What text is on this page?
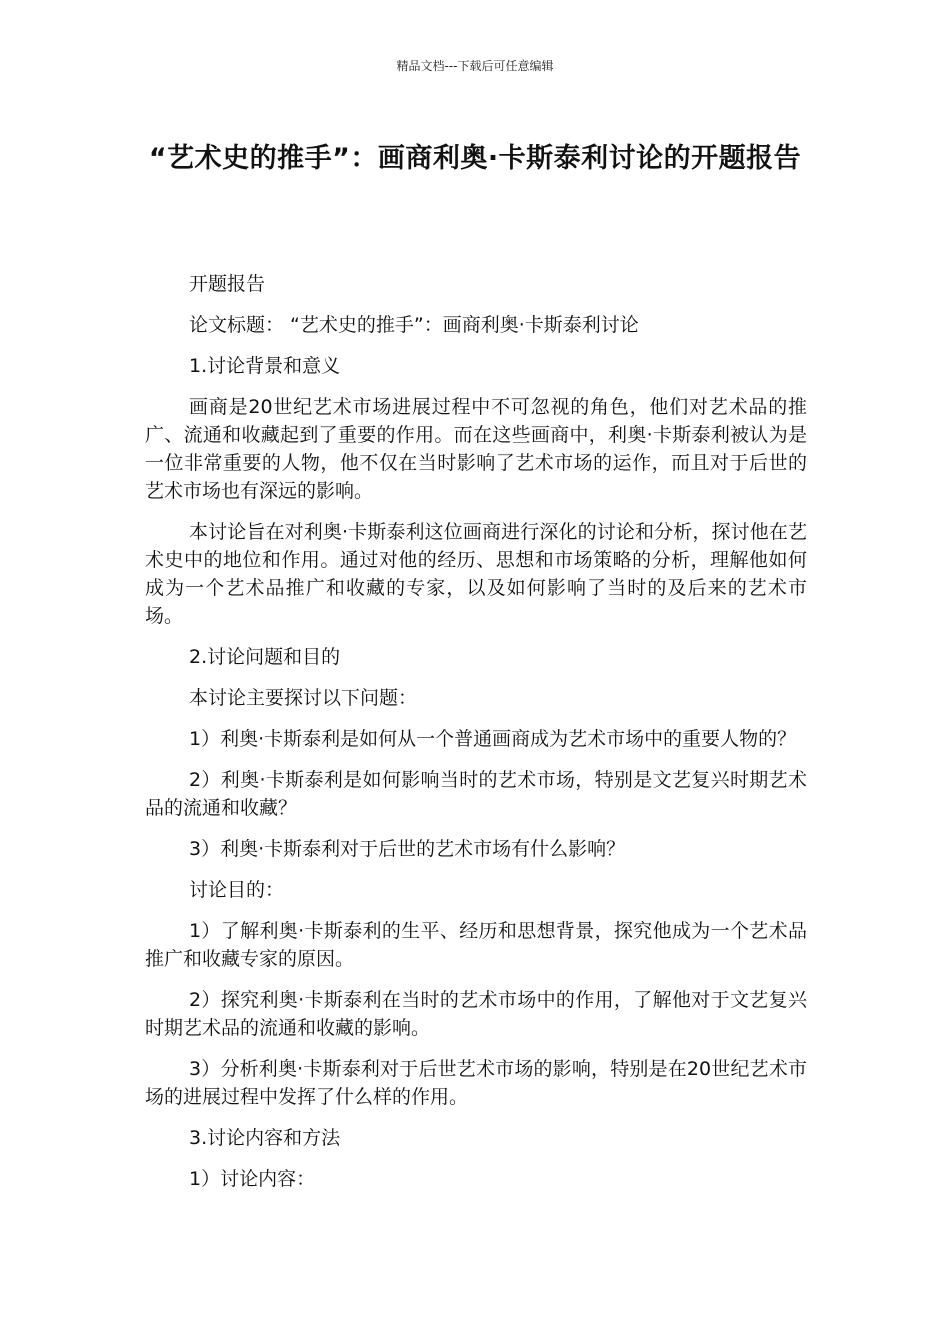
精品文档---下载后可任意编辑
“艺术史的推手”：画商利奥·卡斯泰利讨论的开题报告

开题报告

论文标题： “艺术史的推手”：画商利奥·卡斯泰利讨论

1.讨论背景和意义

画商是20世纪艺术市场进展过程中不可忽视的角色，他们对艺术品的推广、流通和收藏起到了重要的作用。而在这些画商中，利奥·卡斯泰利被认为是一位非常重要的人物，他不仅在当时影响了艺术市场的运作，而且对于后世的艺术市场也有深远的影响。

本讨论旨在对利奥·卡斯泰利这位画商进行深化的讨论和分析，探讨他在艺术史中的地位和作用。通过对他的经历、思想和市场策略的分析，理解他如何成为一个艺术品推广和收藏的专家，以及如何影响了当时的及后来的艺术市场。

2.讨论问题和目的

本讨论主要探讨以下问题：

1）利奥·卡斯泰利是如何从一个普通画商成为艺术市场中的重要人物的？

2）利奥·卡斯泰利是如何影响当时的艺术市场，特别是文艺复兴时期艺术品的流通和收藏？

3）利奥·卡斯泰利对于后世的艺术市场有什么影响？

讨论目的：

1）了解利奥·卡斯泰利的生平、经历和思想背景，探究他成为一个艺术品推广和收藏专家的原因。

2）探究利奥·卡斯泰利在当时的艺术市场中的作用，了解他对于文艺复兴时期艺术品的流通和收藏的影响。

3）分析利奥·卡斯泰利对于后世艺术市场的影响，特别是在20世纪艺术市场的进展过程中发挥了什么样的作用。

3.讨论内容和方法

1）讨论内容：
